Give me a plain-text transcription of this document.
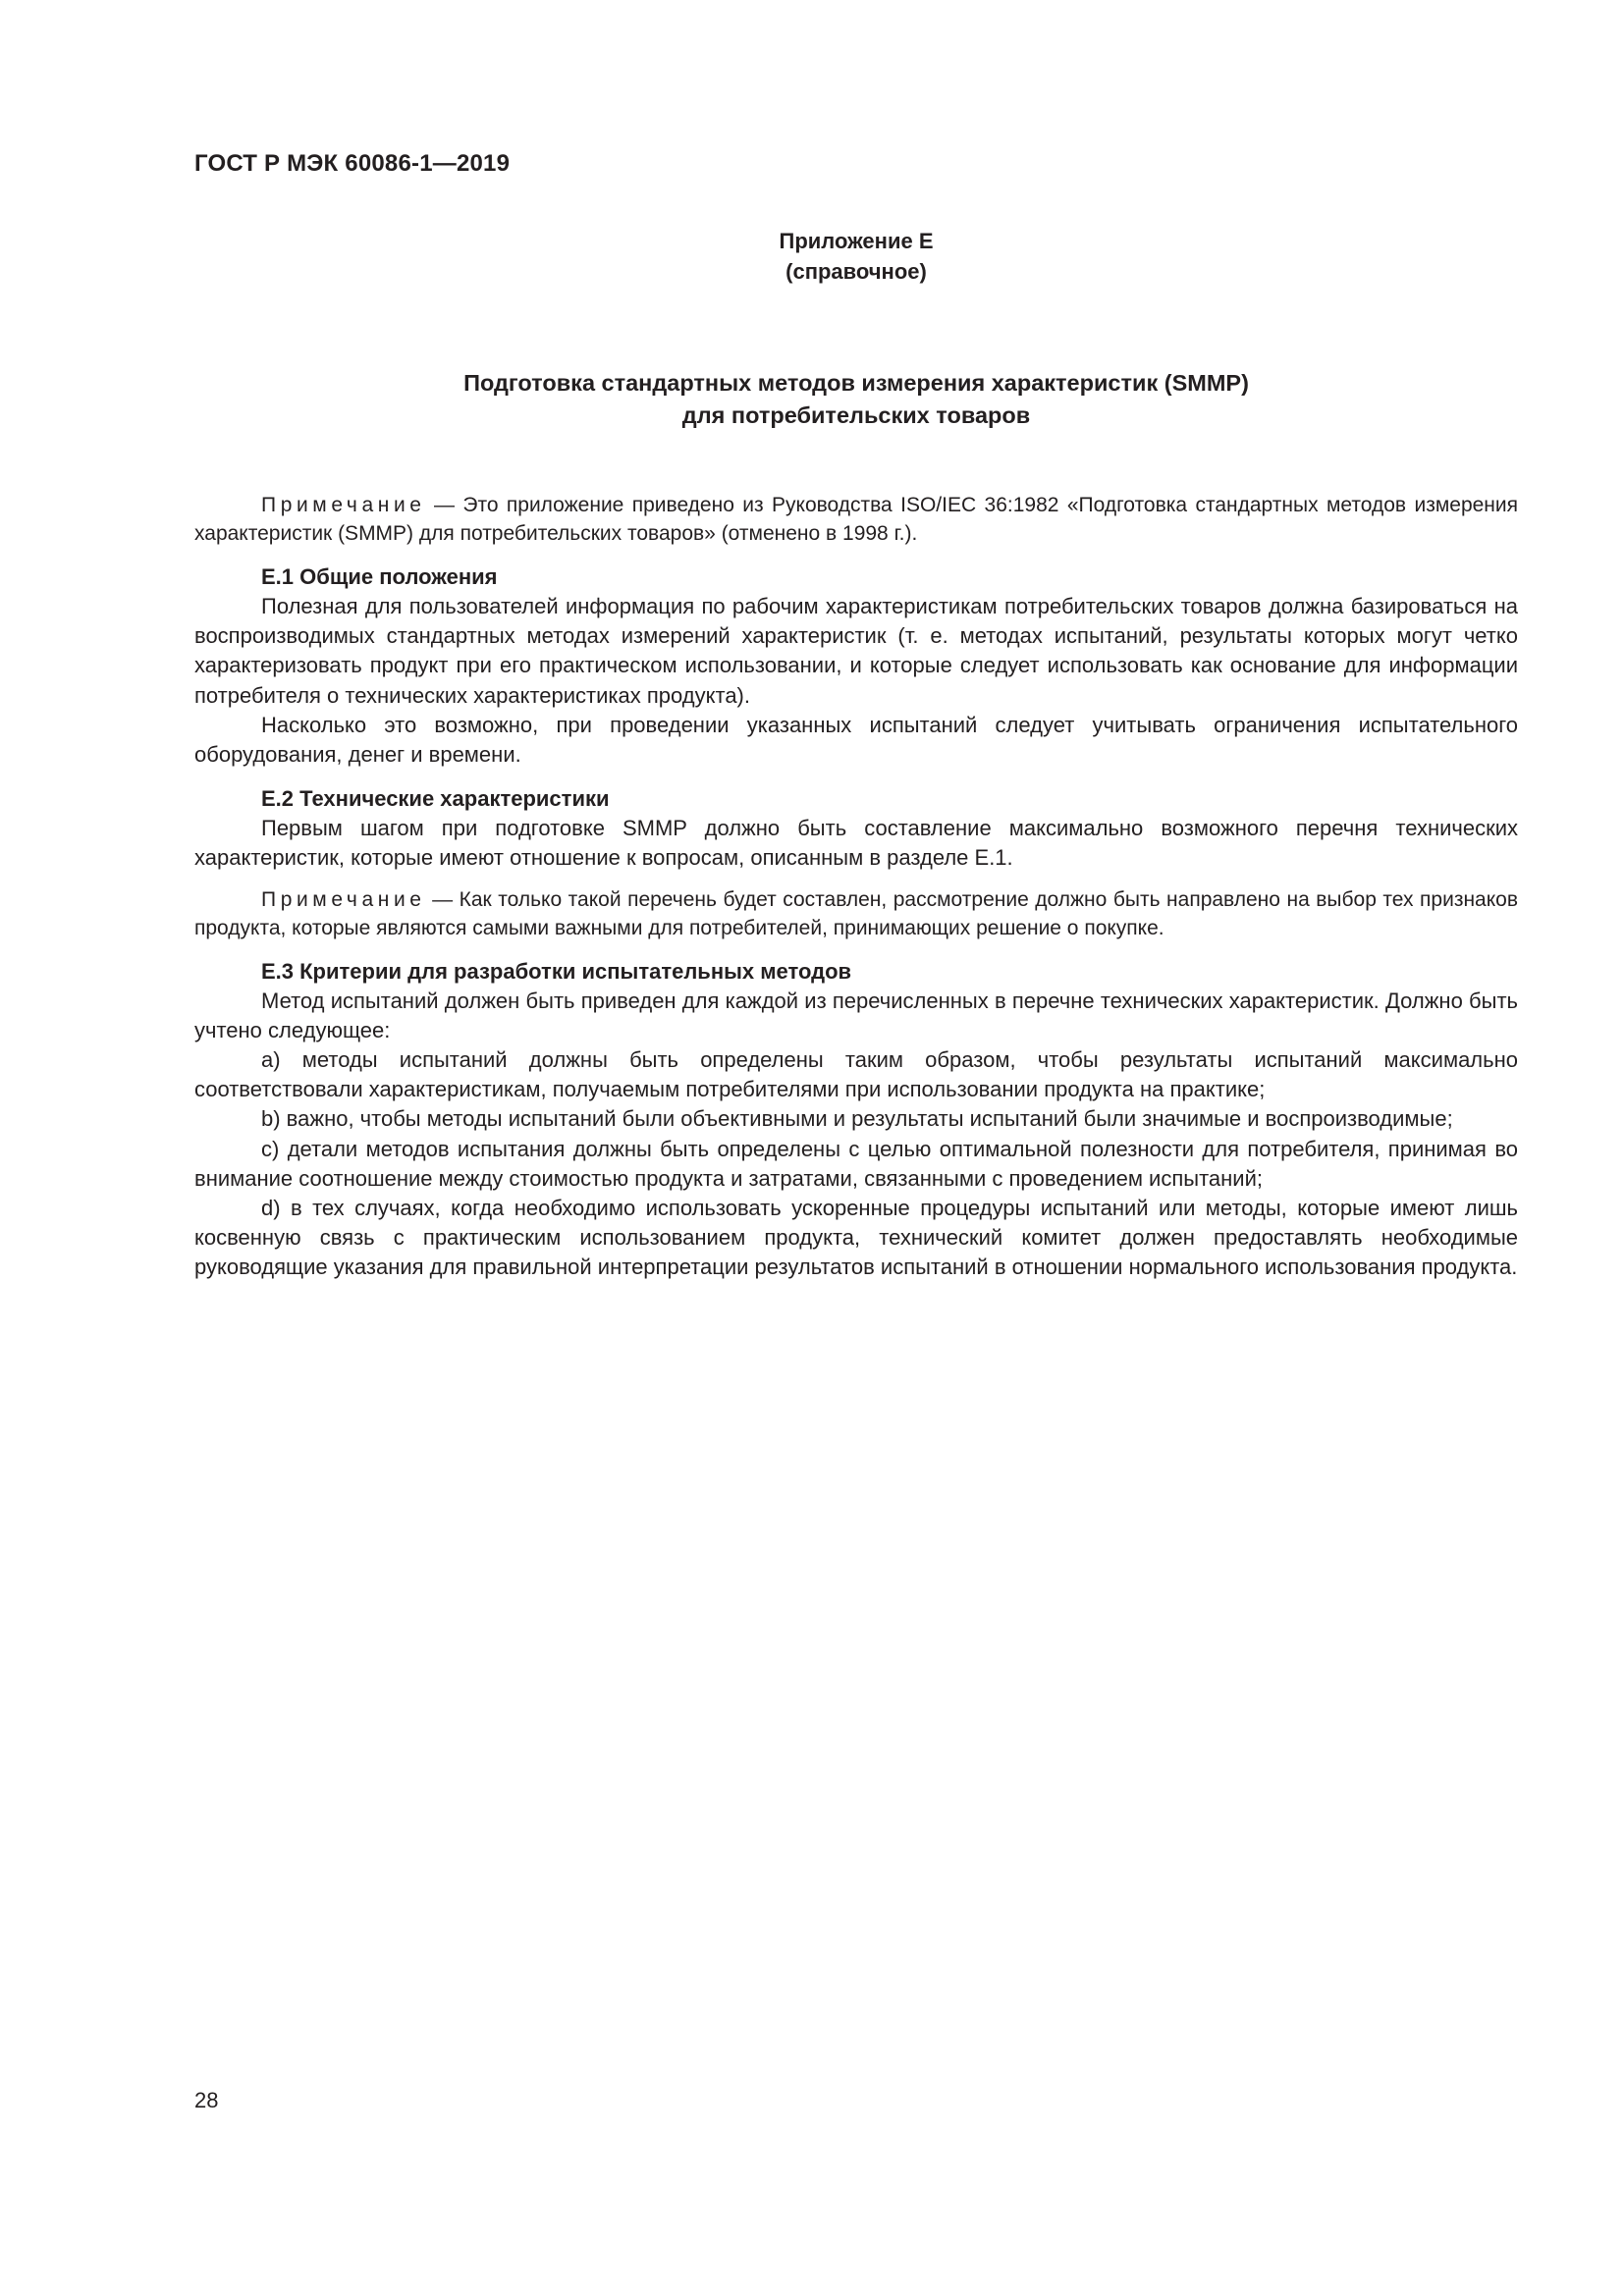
ГОСТ Р МЭК 60086-1—2019

Приложение Е

(справочное)

Подготовка стандартных методов измерения характеристик (SMMP)
для потребительских товаров

Примечание — Это приложение приведено из Руководства ISO/IEC 36:1982 «Подготовка стандартных методов измерения характеристик (SMMP) для потребительских товаров» (отменено в 1998 г.).

Е.1 Общие положения

Полезная для пользователей информация по рабочим характеристикам потребительских товаров должна базироваться на воспроизводимых стандартных методах измерений характеристик (т. е. методах испытаний, результаты которых могут четко характеризовать продукт при его практическом использовании, и которые следует использовать как основание для информации потребителя о технических характеристиках продукта).

Насколько это возможно, при проведении указанных испытаний следует учитывать ограничения испытательного оборудования, денег и времени.

Е.2 Технические характеристики

Первым шагом при подготовке SMMP должно быть составление максимально возможного перечня технических характеристик, которые имеют отношение к вопросам, описанным в разделе Е.1.

Примечание — Как только такой перечень будет составлен, рассмотрение должно быть направлено на выбор тех признаков продукта, которые являются самыми важными для потребителей, принимающих решение о покупке.

Е.3 Критерии для разработки испытательных методов

Метод испытаний должен быть приведен для каждой из перечисленных в перечне технических характеристик. Должно быть учтено следующее:

a) методы испытаний должны быть определены таким образом, чтобы результаты испытаний максимально соответствовали характеристикам, получаемым потребителями при использовании продукта на практике;

b) важно, чтобы методы испытаний были объективными и результаты испытаний были значимые и воспроизводимые;

c) детали методов испытания должны быть определены с целью оптимальной полезности для потребителя, принимая во внимание соотношение между стоимостью продукта и затратами, связанными с проведением испытаний;

d) в тех случаях, когда необходимо использовать ускоренные процедуры испытаний или методы, которые имеют лишь косвенную связь с практическим использованием продукта, технический комитет должен предоставлять необходимые руководящие указания для правильной интерпретации результатов испытаний в отношении нормального использования продукта.

28
